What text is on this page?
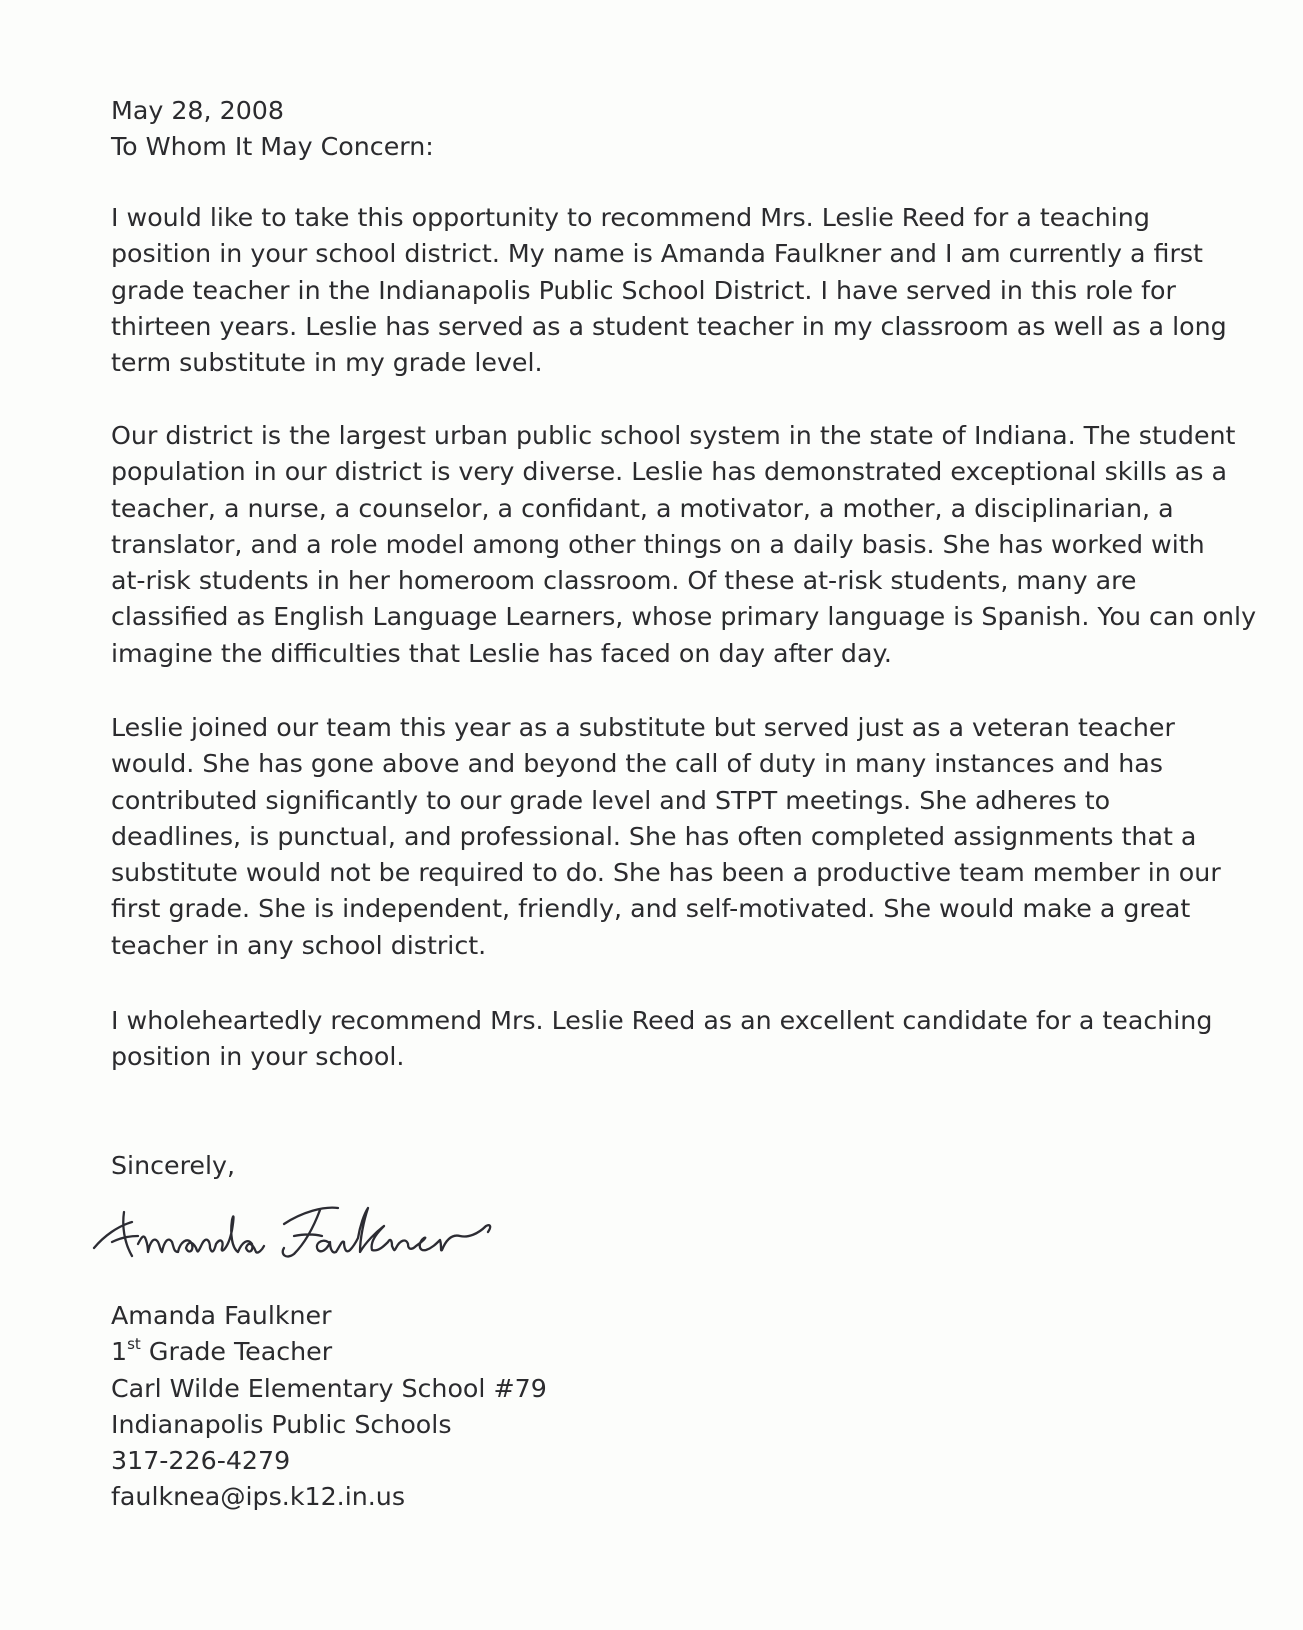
May 28, 2008

To Whom It May Concern:

I would like to take this opportunity to recommend Mrs. Leslie Reed for a teaching

position in your school district. My name is Amanda Faulkner and I am currently a first

grade teacher in the Indianapolis Public School District. I have served in this role for

thirteen years. Leslie has served as a student teacher in my classroom as well as a long

term substitute in my grade level.

Our district is the largest urban public school system in the state of Indiana. The student

population in our district is very diverse. Leslie has demonstrated exceptional skills as a

teacher, a nurse, a counselor, a confidant, a motivator, a mother, a disciplinarian, a

translator, and a role model among other things on a daily basis. She has worked with

at-risk students in her homeroom classroom. Of these at-risk students, many are

classified as English Language Learners, whose primary language is Spanish. You can only

imagine the difficulties that Leslie has faced on day after day.

Leslie joined our team this year as a substitute but served just as a veteran teacher

would. She has gone above and beyond the call of duty in many instances and has

contributed significantly to our grade level and STPT meetings. She adheres to

deadlines, is punctual, and professional. She has often completed assignments that a

substitute would not be required to do. She has been a productive team member in our

first grade. She is independent, friendly, and self-motivated. She would make a great

teacher in any school district.

I wholeheartedly recommend Mrs. Leslie Reed as an excellent candidate for a teaching

position in your school.

Sincerely,

Amanda Faulkner

1st Grade Teacher

Carl Wilde Elementary School #79

Indianapolis Public Schools

317-226-4279

faulknea@ips.k12.in.us
